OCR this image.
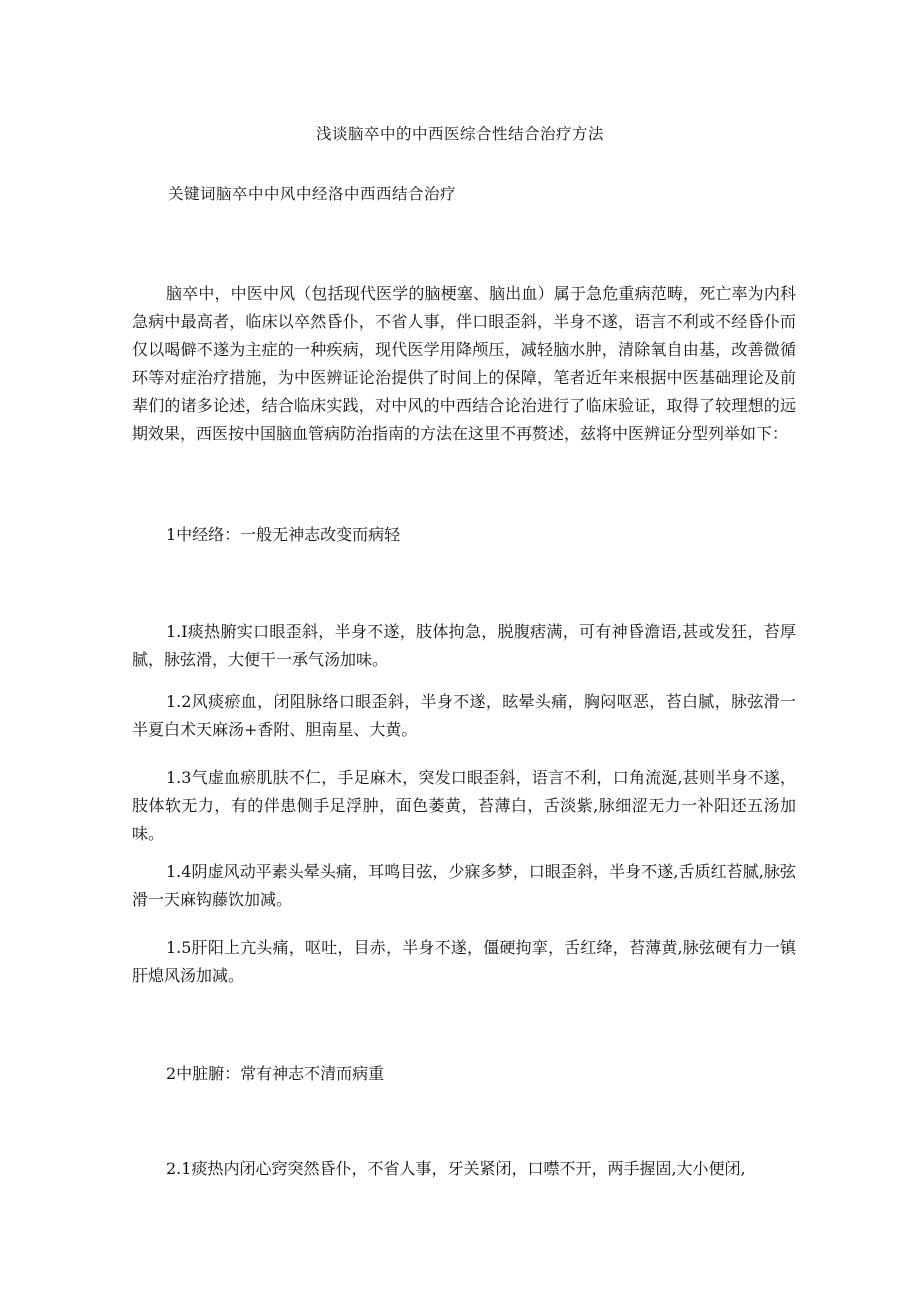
浅谈脑卒中的中西医综合性结合治疗方法
关键词脑卒中中风中经洛中西西结合治疗

脑卒中，中医中风（包括现代医学的脑梗塞、脑出血）属于急危重病范畴，死亡率为内科急病中最高者，临床以卒然昏仆，不省人事，伴口眼歪斜，半身不遂，语言不利或不经昏仆而仅以喝僻不遂为主症的一种疾病，现代医学用降颅压，减轻脑水肿，清除氧自由基，改善微循环等对症治疗措施，为中医辨证论治提供了时间上的保障，笔者近年来根据中医基础理论及前辈们的诸多论述，结合临床实践，对中风的中西结合论治进行了临床验证，取得了较理想的远期效果，西医按中国脑血管病防治指南的方法在这里不再赘述，兹将中医辨证分型列举如下：

1中经络：一般无神志改变而病轻

1.I痰热腑实口眼歪斜，半身不遂，肢体拘急，脱腹痞满，可有神昏澹语,甚或发狂，苔厚腻，脉弦滑，大便干一承气汤加味。

1.2风痰瘀血，闭阻脉络口眼歪斜，半身不遂，眩晕头痛，胸闷呕恶，苔白腻，脉弦滑一半夏白术天麻汤+香附、胆南星、大黄。

1.3气虚血瘀肌肤不仁，手足麻木，突发口眼歪斜，语言不利，口角流涎,甚则半身不遂，肢体软无力，有的伴患侧手足浮肿，面色萎黄，苔薄白，舌淡紫,脉细涩无力一补阳还五汤加味。

1.4阴虚风动平素头晕头痛，耳鸣目弦，少寐多梦，口眼歪斜，半身不遂,舌质红苔腻,脉弦滑一天麻钩藤饮加减。

1.5肝阳上亢头痛，呕吐，目赤，半身不遂，僵硬拘挛，舌红绛，苔薄黄,脉弦硬有力一镇肝熄风汤加减。

2中脏腑：常有神志不清而病重

2.1痰热内闭心窍突然昏仆，不省人事，牙关紧闭，口噤不开，两手握固,大小便闭,
